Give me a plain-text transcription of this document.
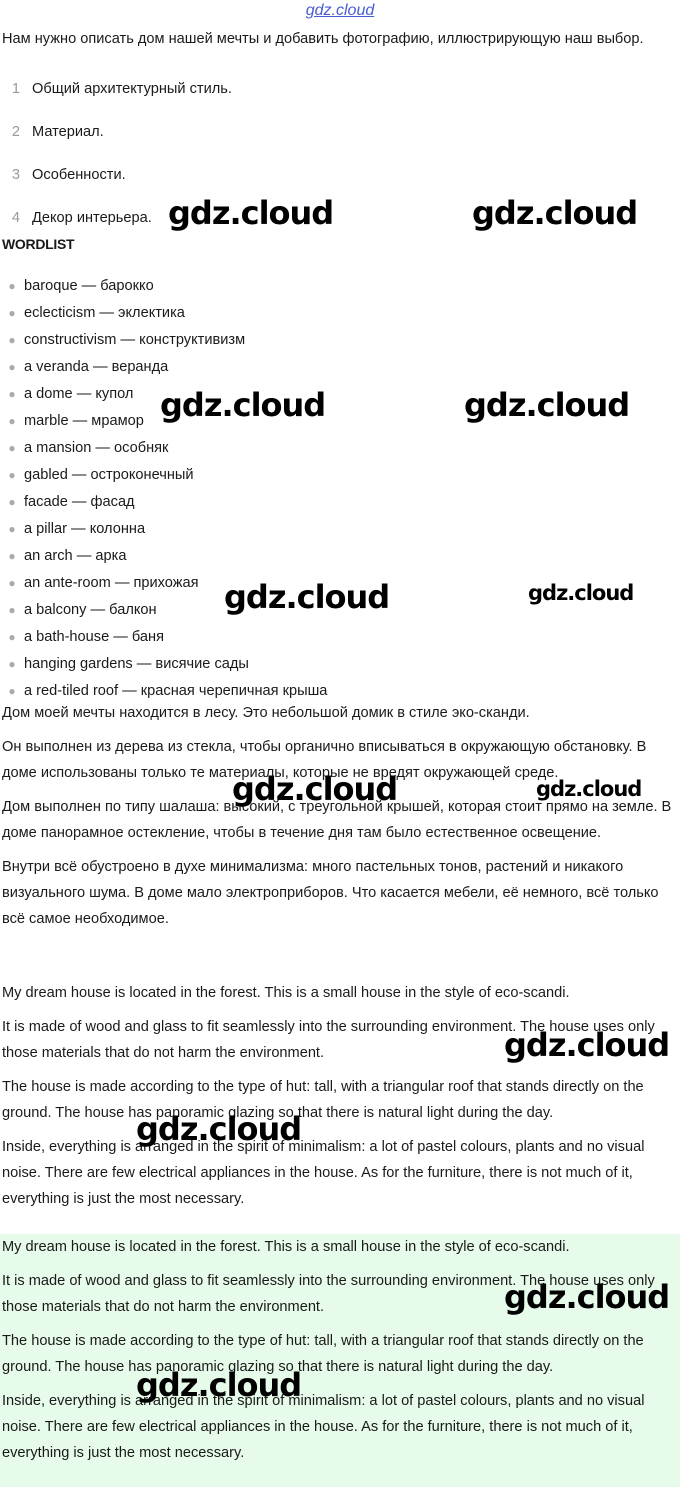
gdz.cloud

Нам нужно описать дом нашей мечты и добавить фотографию, иллюстрирующую наш выбор.

1 Общий архитектурный стиль.
2 Материал.
3 Особенности.
4 Декор интерьера.
WORDLIST
● baroque — барокко
● eclecticism — эклектика
● constructivism — конструктивизм
● a veranda — веранда
● a dome — купол
● marble — мрамор
● a mansion — особняк
● gabled — остроконечный
● facade — фасад
● a pillar — колонна
● an arch — арка
● an ante-room — прихожая
● a balcony — балкон
● a bath-house — баня
● hanging gardens — висячие сады
● a red-tiled roof — красная черепичная крыша

Дом моей мечты находится в лесу. Это небольшой домик в стиле эко-сканди.

Он выполнен из дерева из стекла, чтобы органично вписываться в окружающую обстановку. В доме использованы только те материалы, которые не вредят окружающей среде.

Дом выполнен по типу шалаша: высокий, с треугольной крышей, которая стоит прямо на земле. В доме панорамное остекление, чтобы в течение дня там было естественное освещение.

Внутри всё обустроено в духе минимализма: много пастельных тонов, растений и никакого визуального шума. В доме мало электроприборов. Что касается мебели, её немного, всё только всё самое необходимое.

My dream house is located in the forest. This is a small house in the style of eco-scandi.

It is made of wood and glass to fit seamlessly into the surrounding environment. The house uses only those materials that do not harm the environment.

The house is made according to the type of hut: tall, with a triangular roof that stands directly on the ground. The house has panoramic glazing so that there is natural light during the day.

Inside, everything is arranged in the spirit of minimalism: a lot of pastel colours, plants and no visual noise. There are few electrical appliances in the house. As for the furniture, there is not much of it, everything is just the most necessary.

My dream house is located in the forest. This is a small house in the style of eco-scandi.

It is made of wood and glass to fit seamlessly into the surrounding environment. The house uses only those materials that do not harm the environment.

The house is made according to the type of hut: tall, with a triangular roof that stands directly on the ground. The house has panoramic glazing so that there is natural light during the day.

Inside, everything is arranged in the spirit of minimalism: a lot of pastel colours, plants and no visual noise. There are few electrical appliances in the house. As for the furniture, there is not much of it, everything is just the most necessary.

gdz.cloud	gdz.cloud
gdz.cloud	gdz.cloud
gdz.cloud	gdz.cloud
gdz.cloud	gdz.cloud
gdz.cloud
gdz.cloud
gdz.cloud
gdz.cloud
